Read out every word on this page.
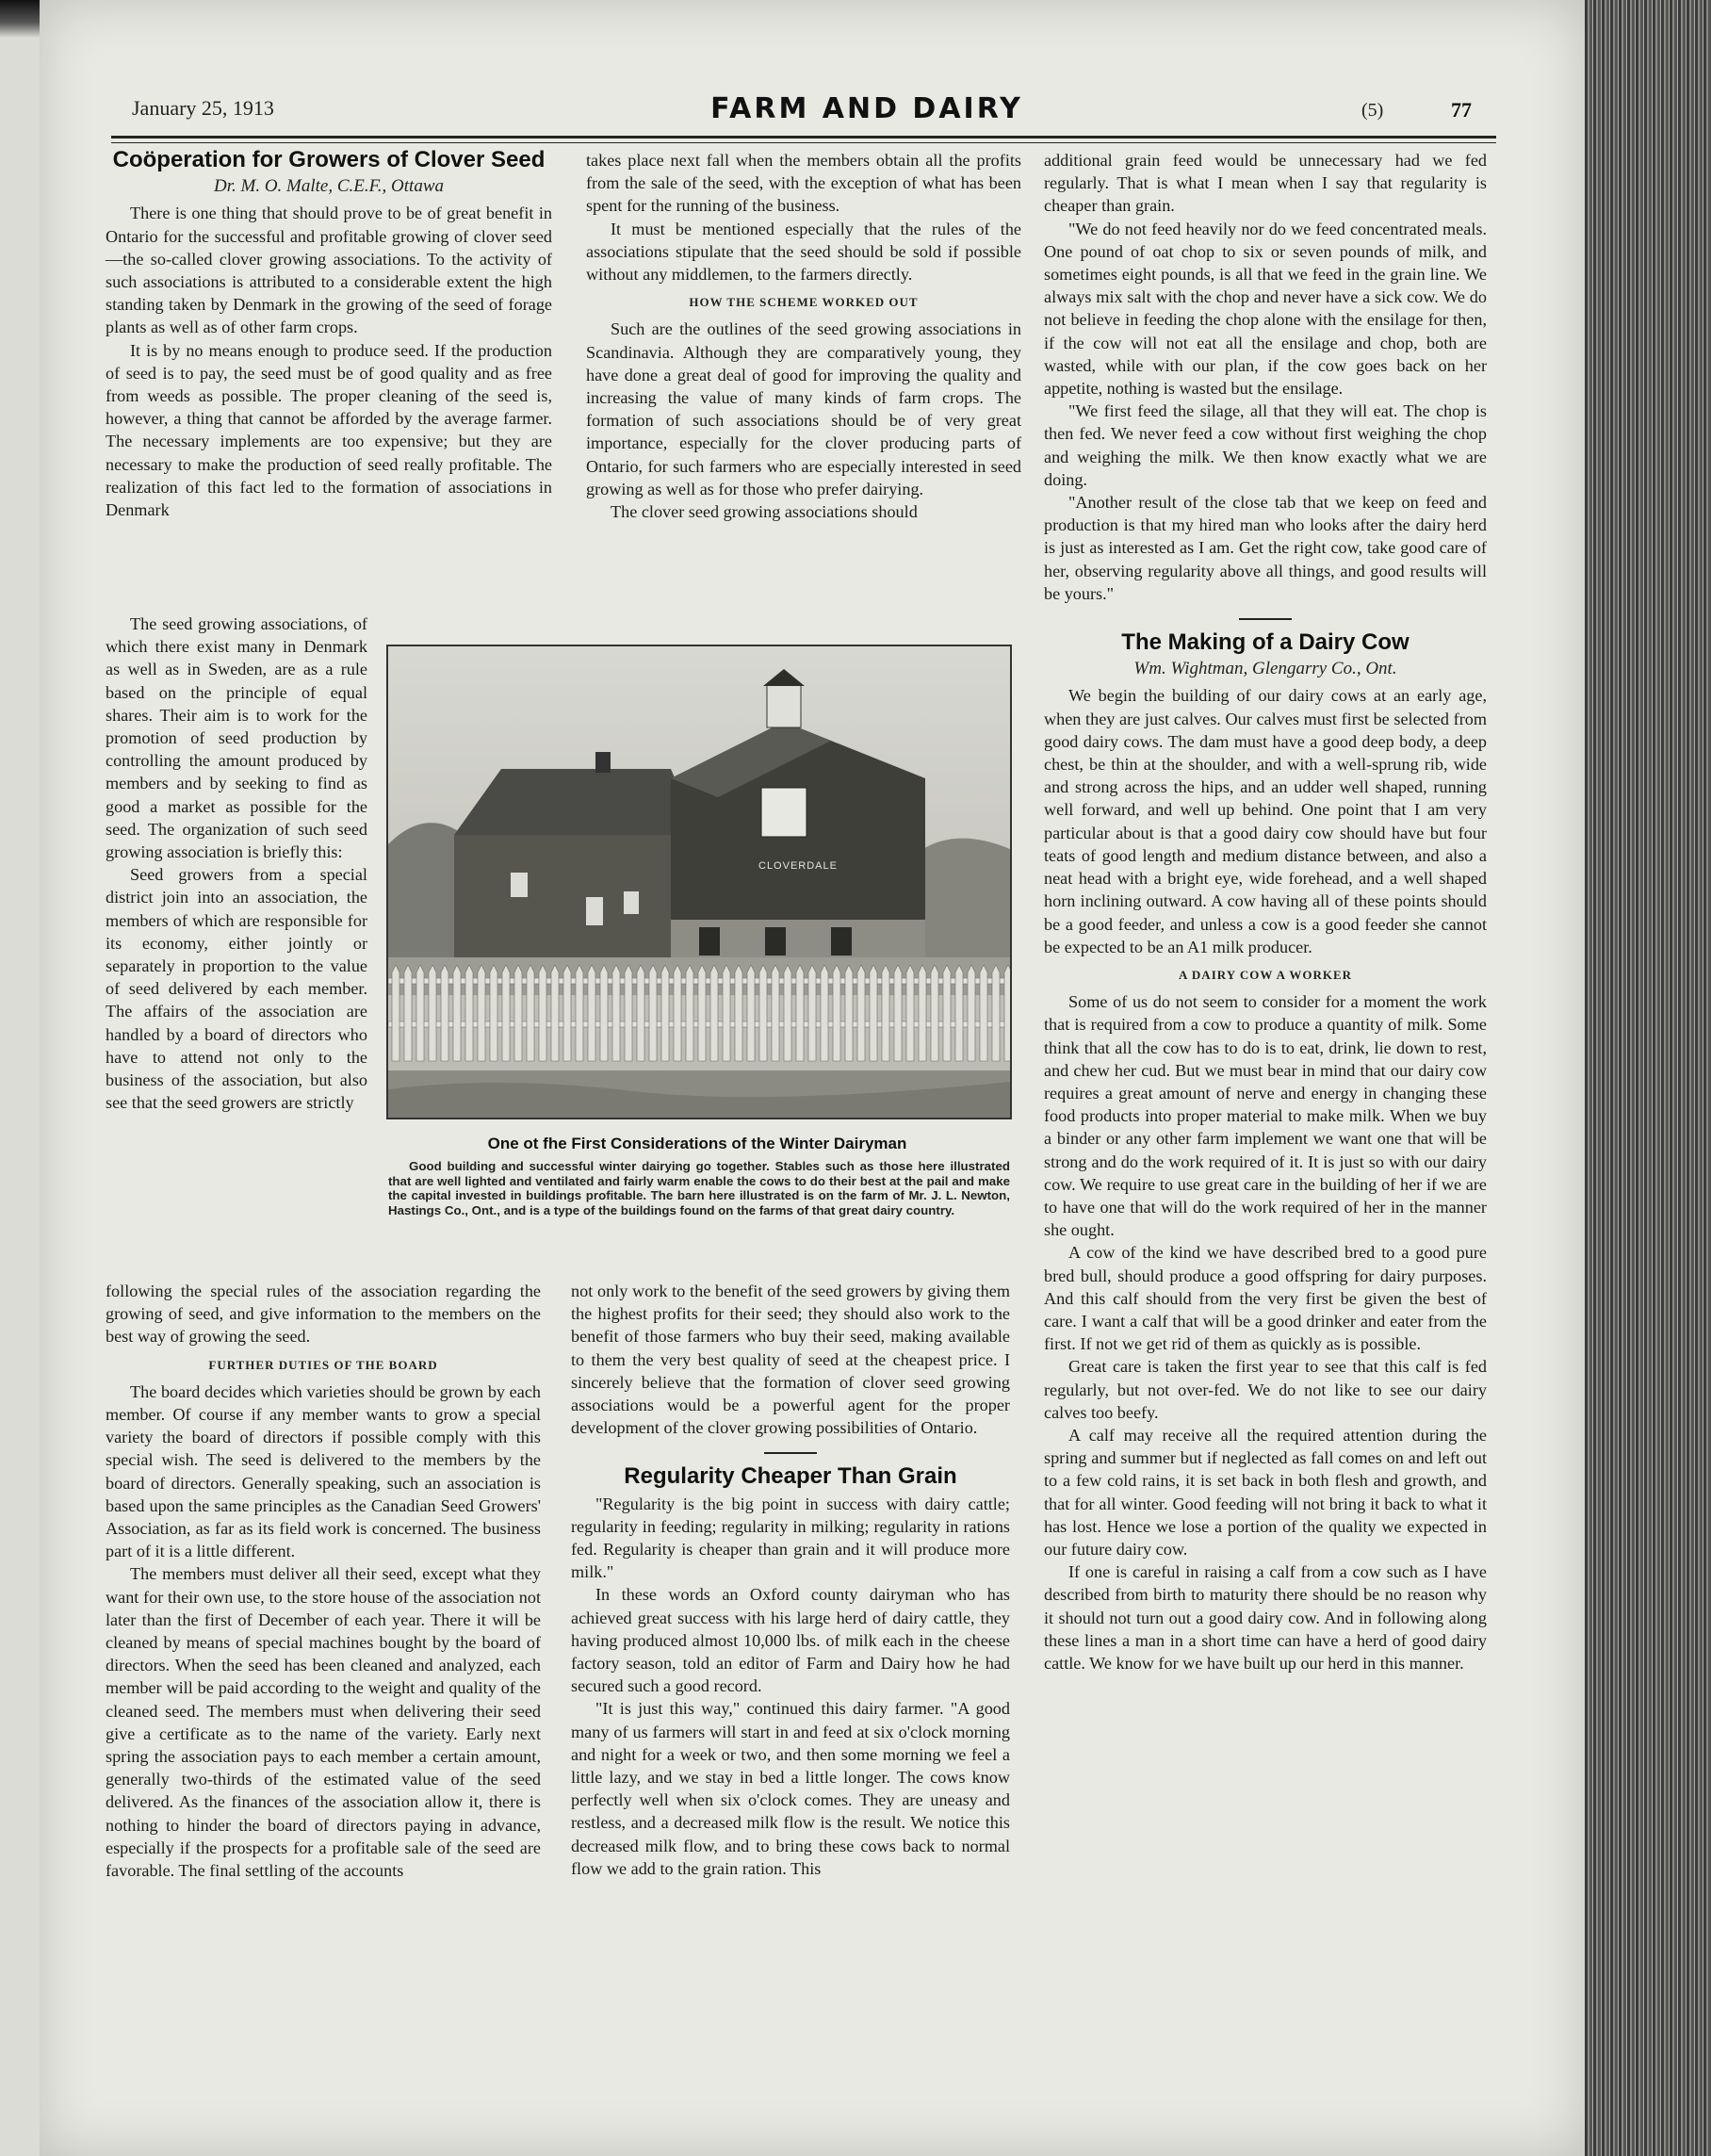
January 25, 1913	FARM AND DAIRY	(5)	77
Coöperation for Growers of Clover Seed
Dr. M. O. Malte, C.E.F., Ottawa

There is one thing that should prove to be of great benefit in Ontario for the successful and profitable growing of clover seed—the so-called clover growing associations. To the activity of such associations is attributed to a considerable extent the high standing taken by Denmark in the growing of the seed of forage plants as well as of other farm crops.

It is by no means enough to produce seed. If the production of seed is to pay, the seed must be of good quality and as free from weeds as possible. The proper cleaning of the seed is, however, a thing that cannot be afforded by the average farmer. The necessary implements are too expensive; but they are necessary to make the production of seed really profitable. The realization of this fact led to the formation of associations in Denmark

The seed growing associations, of which there exist many in Denmark as well as in Sweden, are as a rule based on the principle of equal shares. Their aim is to work for the promotion of seed production by controlling the amount produced by members and by seeking to find as good a market as possible for the seed. The organization of such seed growing association is briefly this:

Seed growers from a special district join into an association, the members of which are responsible for its economy, either jointly or separately in proportion to the value of seed delivered by each member. The affairs of the association are handled by a board of directors who have to attend not only to the business of the association, but also see that the seed growers are strictly

following the special rules of the association regarding the growing of seed, and give information to the members on the best way of growing the seed.

FURTHER DUTIES OF THE BOARD

The board decides which varieties should be grown by each member. Of course if any member wants to grow a special variety the board of directors if possible comply with this special wish. The seed is delivered to the members by the board of directors. Generally speaking, such an association is based upon the same principles as the Canadian Seed Growers' Association, as far as its field work is concerned. The business part of it is a little different.

The members must deliver all their seed, except what they want for their own use, to the store house of the association not later than the first of December of each year. There it will be cleaned by means of special machines bought by the board of directors. When the seed has been cleaned and analyzed, each member will be paid according to the weight and quality of the cleaned seed. The members must when delivering their seed give a certificate as to the name of the variety. Early next spring the association pays to each member a certain amount, generally two-thirds of the estimated value of the seed delivered. As the finances of the association allow it, there is nothing to hinder the board of directors paying in advance, especially if the prospects for a profitable sale of the seed are favorable. The final settling of the accounts

takes place next fall when the members obtain all the profits from the sale of the seed, with the exception of what has been spent for the running of the business.

It must be mentioned especially that the rules of the associations stipulate that the seed should be sold if possible without any middlemen, to the farmers directly.

HOW THE SCHEME WORKED OUT

Such are the outlines of the seed growing associations in Scandinavia. Although they are comparatively young, they have done a great deal of good for improving the quality and increasing the value of many kinds of farm crops. The formation of such associations should be of very great importance, especially for the clover producing parts of Ontario, for such farmers who are especially interested in seed growing as well as for those who prefer dairying.

The clover seed growing associations should

CLOVERDALE
One ot fhe First Considerations of the Winter Dairyman

Good building and successful winter dairying go together. Stables such as those here illustrated that are well lighted and ventilated and fairly warm enable the cows to do their best at the pail and make the capital invested in buildings profitable. The barn here illustrated is on the farm of Mr. J. L. Newton, Hastings Co., Ont., and is a type of the buildings found on the farms of that great dairy country.

not only work to the benefit of the seed growers by giving them the highest profits for their seed; they should also work to the benefit of those farmers who buy their seed, making available to them the very best quality of seed at the cheapest price. I sincerely believe that the formation of clover seed growing associations would be a powerful agent for the proper development of the clover growing possibilities of Ontario.

Regularity Cheaper Than Grain

"Regularity is the big point in success with dairy cattle; regularity in feeding; regularity in milking; regularity in rations fed. Regularity is cheaper than grain and it will produce more milk."

In these words an Oxford county dairyman who has achieved great success with his large herd of dairy cattle, they having produced almost 10,000 lbs. of milk each in the cheese factory season, told an editor of Farm and Dairy how he had secured such a good record.

"It is just this way," continued this dairy farmer. "A good many of us farmers will start in and feed at six o'clock morning and night for a week or two, and then some morning we feel a little lazy, and we stay in bed a little longer. The cows know perfectly well when six o'clock comes. They are uneasy and restless, and a decreased milk flow is the result. We notice this decreased milk flow, and to bring these cows back to normal flow we add to the grain ration. This

additional grain feed would be unnecessary had we fed regularly. That is what I mean when I say that regularity is cheaper than grain.

"We do not feed heavily nor do we feed concentrated meals. One pound of oat chop to six or seven pounds of milk, and sometimes eight pounds, is all that we feed in the grain line. We always mix salt with the chop and never have a sick cow. We do not believe in feeding the chop alone with the ensilage for then, if the cow will not eat all the ensilage and chop, both are wasted, while with our plan, if the cow goes back on her appetite, nothing is wasted but the ensilage.

"We first feed the silage, all that they will eat. The chop is then fed. We never feed a cow without first weighing the chop and weighing the milk. We then know exactly what we are doing.

"Another result of the close tab that we keep on feed and production is that my hired man who looks after the dairy herd is just as interested as I am. Get the right cow, take good care of her, observing regularity above all things, and good results will be yours."

The Making of a Dairy Cow
Wm. Wightman, Glengarry Co., Ont.

We begin the building of our dairy cows at an early age, when they are just calves. Our calves must first be selected from good dairy cows. The dam must have a good deep body, a deep chest, be thin at the shoulder, and with a well-sprung rib, wide and strong across the hips, and an udder well shaped, running well forward, and well up behind. One point that I am very particular about is that a good dairy cow should have but four teats of good length and medium distance between, and also a neat head with a bright eye, wide forehead, and a well shaped horn inclining outward. A cow having all of these points should be a good feeder, and unless a cow is a good feeder she cannot be expected to be an A1 milk producer.

A DAIRY COW A WORKER

Some of us do not seem to consider for a moment the work that is required from a cow to produce a quantity of milk. Some think that all the cow has to do is to eat, drink, lie down to rest, and chew her cud. But we must bear in mind that our dairy cow requires a great amount of nerve and energy in changing these food products into proper material to make milk. When we buy a binder or any other farm implement we want one that will be strong and do the work required of it. It is just so with our dairy cow. We require to use great care in the building of her if we are to have one that will do the work required of her in the manner she ought.

A cow of the kind we have described bred to a good pure bred bull, should produce a good offspring for dairy purposes. And this calf should from the very first be given the best of care. I want a calf that will be a good drinker and eater from the first. If not we get rid of them as quickly as is possible.

Great care is taken the first year to see that this calf is fed regularly, but not over-fed. We do not like to see our dairy calves too beefy.

A calf may receive all the required attention during the spring and summer but if neglected as fall comes on and left out to a few cold rains, it is set back in both flesh and growth, and that for all winter. Good feeding will not bring it back to what it has lost. Hence we lose a portion of the quality we expected in our future dairy cow.

If one is careful in raising a calf from a cow such as I have described from birth to maturity there should be no reason why it should not turn out a good dairy cow. And in following along these lines a man in a short time can have a herd of good dairy cattle. We know for we have built up our herd in this manner.
